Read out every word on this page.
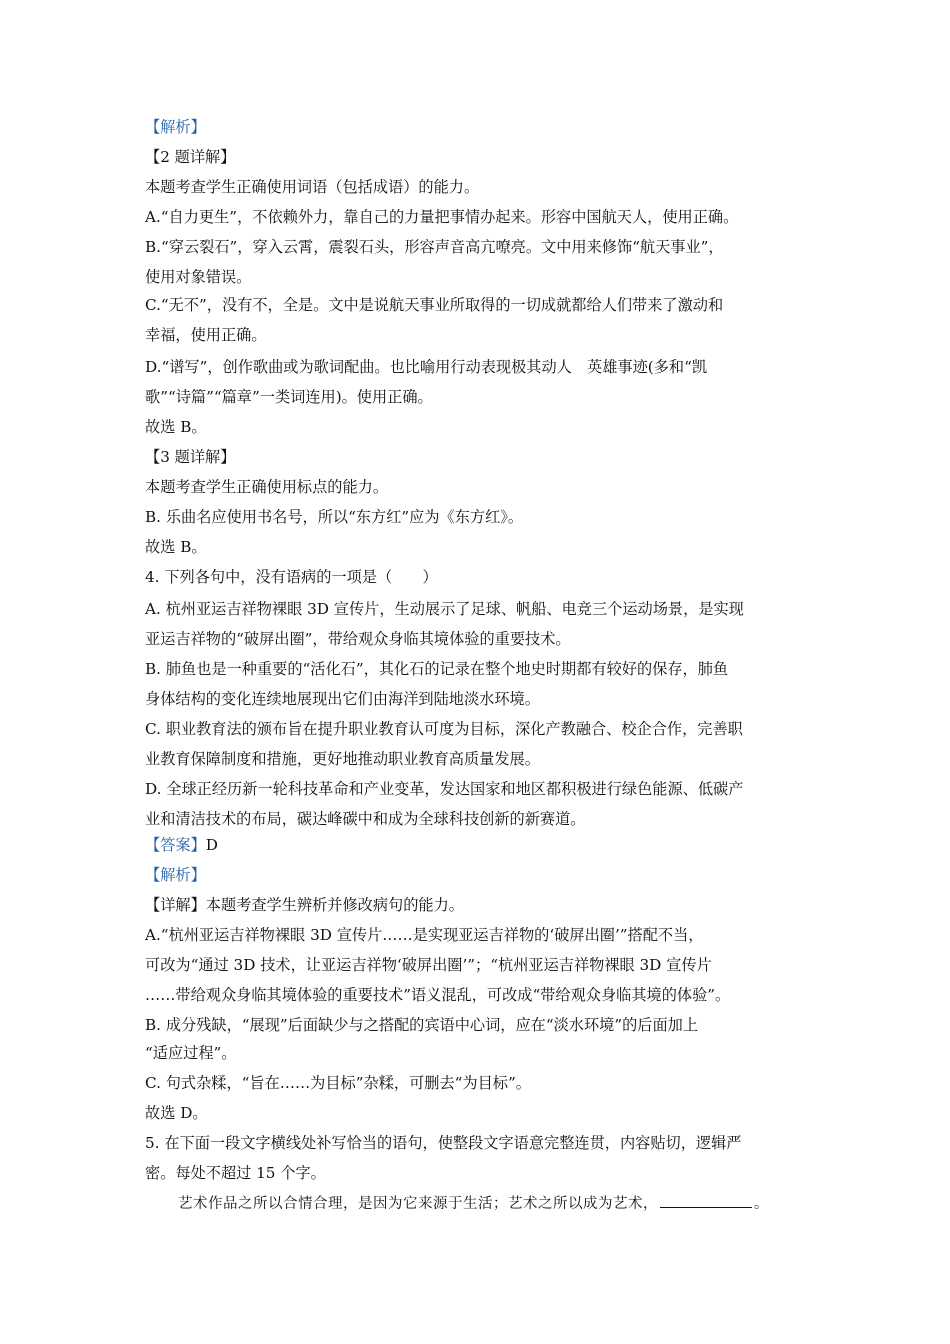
【解析】
【2 题详解】
本题考查学生正确使用词语（包括成语）的能力。
A.“自力更生”，不依赖外力，靠自己的力量把事情办起来。形容中国航天人，使用正确。
B.“穿云裂石”，穿入云霄，震裂石头，形容声音高亢嘹亮。文中用来修饰“航天事业”，
使用对象错误。
C.“无不”，没有不，全是。文中是说航天事业所取得的一切成就都给人们带来了激动和
幸福，使用正确。
D.“谱写”，创作歌曲或为歌词配曲。也比喻用行动表现极其动人　英雄事迹(多和“凯
歌”“诗篇”“篇章”一类词连用)。使用正确。
故选 B。
【3 题详解】
本题考查学生正确使用标点的能力。
B. 乐曲名应使用书名号，所以“东方红”应为《东方红》。
故选 B。
4. 下列各句中，没有语病的一项是（　　）
A. 杭州亚运吉祥物裸眼 3D 宣传片，生动展示了足球、帆船、电竞三个运动场景，是实现
亚运吉祥物的“破屏出圈”，带给观众身临其境体验的重要技术。
B. 肺鱼也是一种重要的“活化石”，其化石的记录在整个地史时期都有较好的保存，肺鱼
身体结构的变化连续地展现出它们由海洋到陆地淡水环境。
C. 职业教育法的颁布旨在提升职业教育认可度为目标，深化产教融合、校企合作，完善职
业教育保障制度和措施，更好地推动职业教育高质量发展。
D. 全球正经历新一轮科技革命和产业变革，发达国家和地区都积极进行绿色能源、低碳产
业和清洁技术的布局，碳达峰碳中和成为全球科技创新的新赛道。
【答案】D
【解析】
【详解】本题考查学生辨析并修改病句的能力。
A.“杭州亚运吉祥物裸眼 3D 宣传片……是实现亚运吉祥物的‘破屏出圈’”搭配不当，
可改为“通过 3D 技术，让亚运吉祥物‘破屏出圈’”；“杭州亚运吉祥物裸眼 3D 宣传片
……带给观众身临其境体验的重要技术”语义混乱，可改成“带给观众身临其境的体验”。
B. 成分残缺，“展现”后面缺少与之搭配的宾语中心词，应在“淡水环境”的后面加上
“适应过程”。
C. 句式杂糅，“旨在……为目标”杂糅，可删去“为目标”。
故选 D。
5. 在下面一段文字横线处补写恰当的语句，使整段文字语意完整连贯，内容贴切，逻辑严
密。每处不超过 15 个字。
艺术作品之所以合情合理，是因为它来源于生活；艺术之所以成为艺术，	。
